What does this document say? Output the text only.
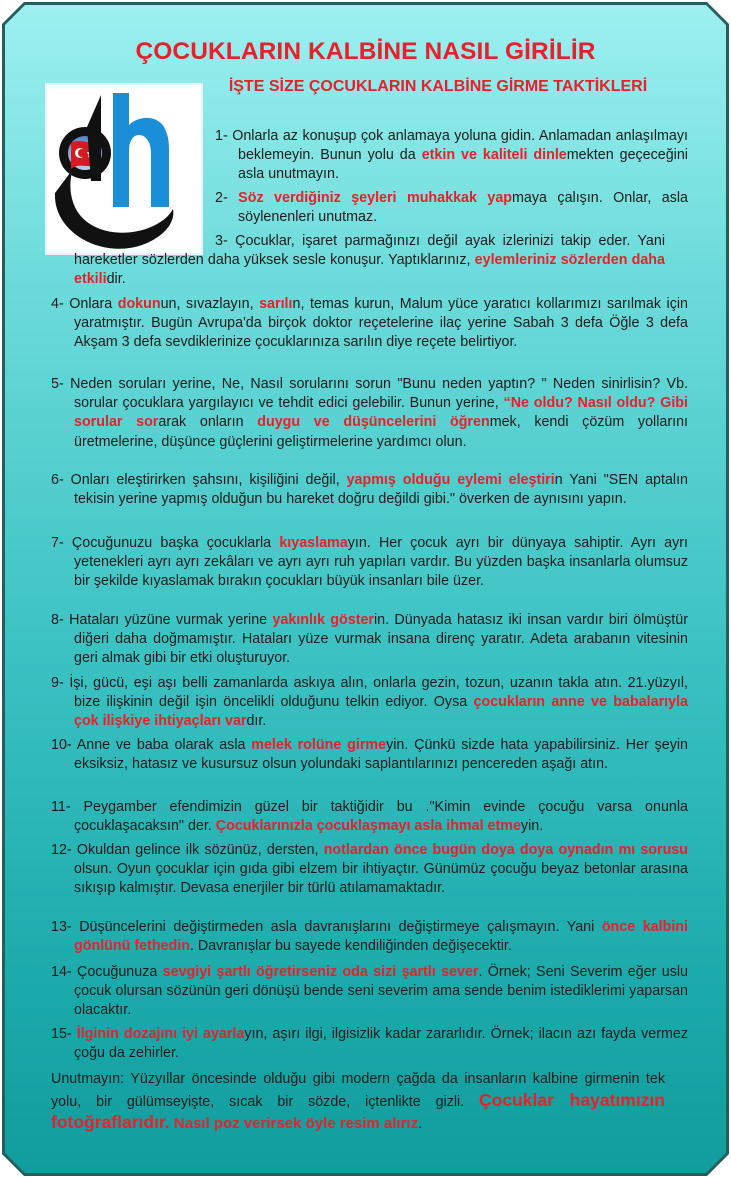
ÇOCUKLARIN KALBİNE NASIL GİRİLİR
İŞTE SİZE ÇOCUKLARIN KALBİNE GİRME TAKTİKLERİ
1- Onlarla az konuşup çok anlamaya yoluna gidin. Anlamadan anlaşılmayı beklemeyin. Bunun yolu da etkin ve kaliteli dinlemekten geçeceğini asla unutmayın.
2- Söz verdiğiniz şeyleri muhakkak yapmaya çalışın. Onlar, asla söylenenleri unutmaz.
3- Çocuklar, işaret parmağınızı değil ayak izlerinizi takip eder. Yani hareketler sözlerden daha yüksek sesle konuşur. Yaptıklarınız, eylemleriniz sözlerden daha etkilidir.
4- Onlara dokunun, sıvazlayın, sarılın, temas kurun, Malum yüce yaratıcı kollarımızı sarılmak için yaratmıştır. Bugün Avrupa'da birçok doktor reçetelerine ilaç yerine Sabah 3 defa Öğle 3 defa Akşam 3 defa sevdiklerinize çocuklarınıza sarılın diye reçete belirtiyor.
5- Neden soruları yerine, Ne, Nasıl sorularını sorun "Bunu neden yaptın? " Neden sinirlisin? Vb. sorular çocuklara yargılayıcı ve tehdit edici gelebilir. Bunun yerine, “Ne oldu? Nasıl oldu? Gibi sorular sorarak onların duygu ve düşüncelerini öğrenmek, kendi çözüm yollarını üretmelerine, düşünce güçlerini geliştirmelerine yardımcı olun.
6- Onları eleştirirken şahsını, kişiliğini değil, yapmış olduğu eylemi eleştirin Yani "SEN aptalın tekisin yerine yapmış olduğun bu hareket doğru değildi gibi." överken de aynısını yapın.
7- Çocuğunuzu başka çocuklarla kıyaslamayın. Her çocuk ayrı bir dünyaya sahiptir. Ayrı ayrı yetenekleri ayrı ayrı zekâları ve ayrı ayrı ruh yapıları vardır. Bu yüzden başka insanlarla olumsuz bir şekilde kıyaslamak bırakın çocukları büyük insanları bile üzer.
8- Hataları yüzüne vurmak yerine yakınlık gösterin. Dünyada hatasız iki insan vardır biri ölmüştür diğeri daha doğmamıştır. Hataları yüze vurmak insana direnç yaratır. Adeta arabanın vitesinin geri almak gibi bir etki oluşturuyor.
9- İşi, gücü, eşi aşı belli zamanlarda askıya alın, onlarla gezin, tozun, uzanın takla atın. 21.yüzyıl, bize ilişkinin değil işin öncelikli olduğunu telkin ediyor. Oysa çocukların anne ve babalarıyla çok ilişkiye ihtiyaçları vardır.
10- Anne ve baba olarak asla melek rolüne girmeyin. Çünkü sizde hata yapabilirsiniz. Her şeyin eksiksiz, hatasız ve kusursuz olsun yolundaki saplantılarınızı pencereden aşağı atın.
11- Peygamber efendimizin güzel bir taktiğidir bu ."Kimin evinde çocuğu varsa onunla çocuklaşacaksın" der. Çocuklarınızla çocuklaşmayı asla ihmal etmeyin.
12- Okuldan gelince ilk sözünüz, dersten, notlardan önce bugün doya doya oynadın mı sorusu olsun. Oyun çocuklar için gıda gibi elzem bir ihtiyaçtır. Günümüz çocuğu beyaz betonlar arasına sıkışıp kalmıştır. Devasa enerjiler bir türlü atılamamaktadır.
13- Düşüncelerini değiştirmeden asla davranışlarını değiştirmeye çalışmayın. Yani önce kalbini gönlünü fethedin. Davranışlar bu sayede kendiliğinden değişecektir.
14- Çocuğunuza sevgiyi şartlı öğretirseniz oda sizi şartlı sever. Örnek; Seni Severim eğer uslu çocuk olursan sözünün geri dönüşü bende seni severim ama sende benim istediklerimi yaparsan olacaktır.
15- İlginin dozajını iyi ayarlayın, aşırı ilgi, ilgisizlik kadar zararlıdır. Örnek; ilacın azı fayda vermez çoğu da zehirler.
Unutmayın: Yüzyıllar öncesinde olduğu gibi modern çağda da insanların kalbine girmenin tek yolu, bir gülümseyişte, sıcak bir sözde, içtenlikte gizli. Çocuklar hayatımızın fotoğraflarıdır. Nasıl poz verirsek öyle resim alırız.
